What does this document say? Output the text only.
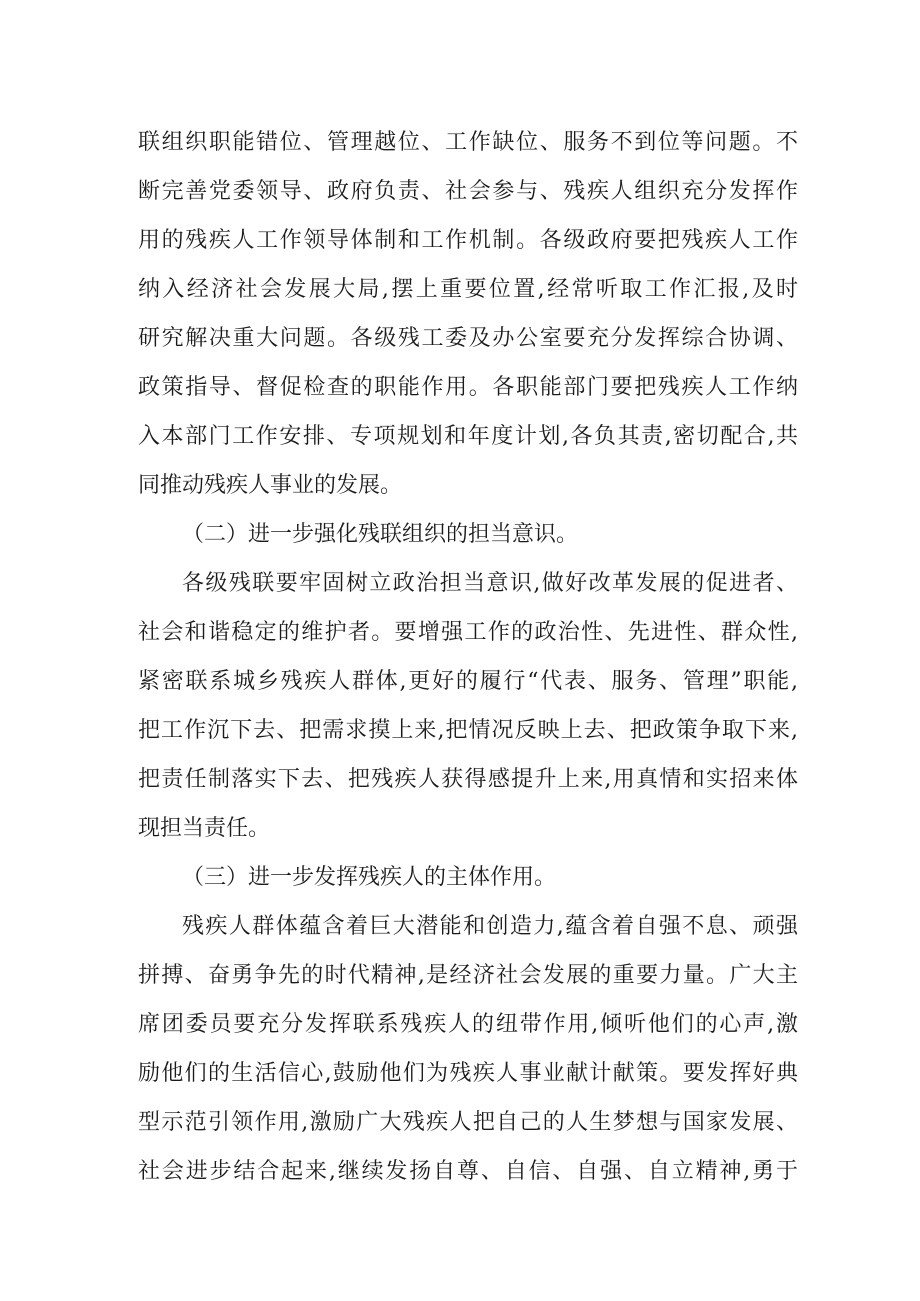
联组织职能错位、管理越位、工作缺位、服务不到位等问题。不
断完善党委领导、政府负责、社会参与、残疾人组织充分发挥作
用的残疾人工作领导体制和工作机制。各级政府要把残疾人工作
纳入经济社会发展大局,摆上重要位置,经常听取工作汇报,及时
研究解决重大问题。各级残工委及办公室要充分发挥综合协调、
政策指导、督促检查的职能作用。各职能部门要把残疾人工作纳
入本部门工作安排、专项规划和年度计划,各负其责,密切配合,共
同推动残疾人事业的发展。
（二）进一步强化残联组织的担当意识。
各级残联要牢固树立政治担当意识,做好改革发展的促进者、
社会和谐稳定的维护者。要增强工作的政治性、先进性、群众性,
紧密联系城乡残疾人群体,更好的履行“代表、服务、管理”职能,
把工作沉下去、把需求摸上来,把情况反映上去、把政策争取下来,
把责任制落实下去、把残疾人获得感提升上来,用真情和实招来体
现担当责任。
（三）进一步发挥残疾人的主体作用。
残疾人群体蕴含着巨大潜能和创造力,蕴含着自强不息、顽强
拼搏、奋勇争先的时代精神,是经济社会发展的重要力量。广大主
席团委员要充分发挥联系残疾人的纽带作用,倾听他们的心声,激
励他们的生活信心,鼓励他们为残疾人事业献计献策。要发挥好典
型示范引领作用,激励广大残疾人把自己的人生梦想与国家发展、
社会进步结合起来,继续发扬自尊、自信、自强、自立精神,勇于
